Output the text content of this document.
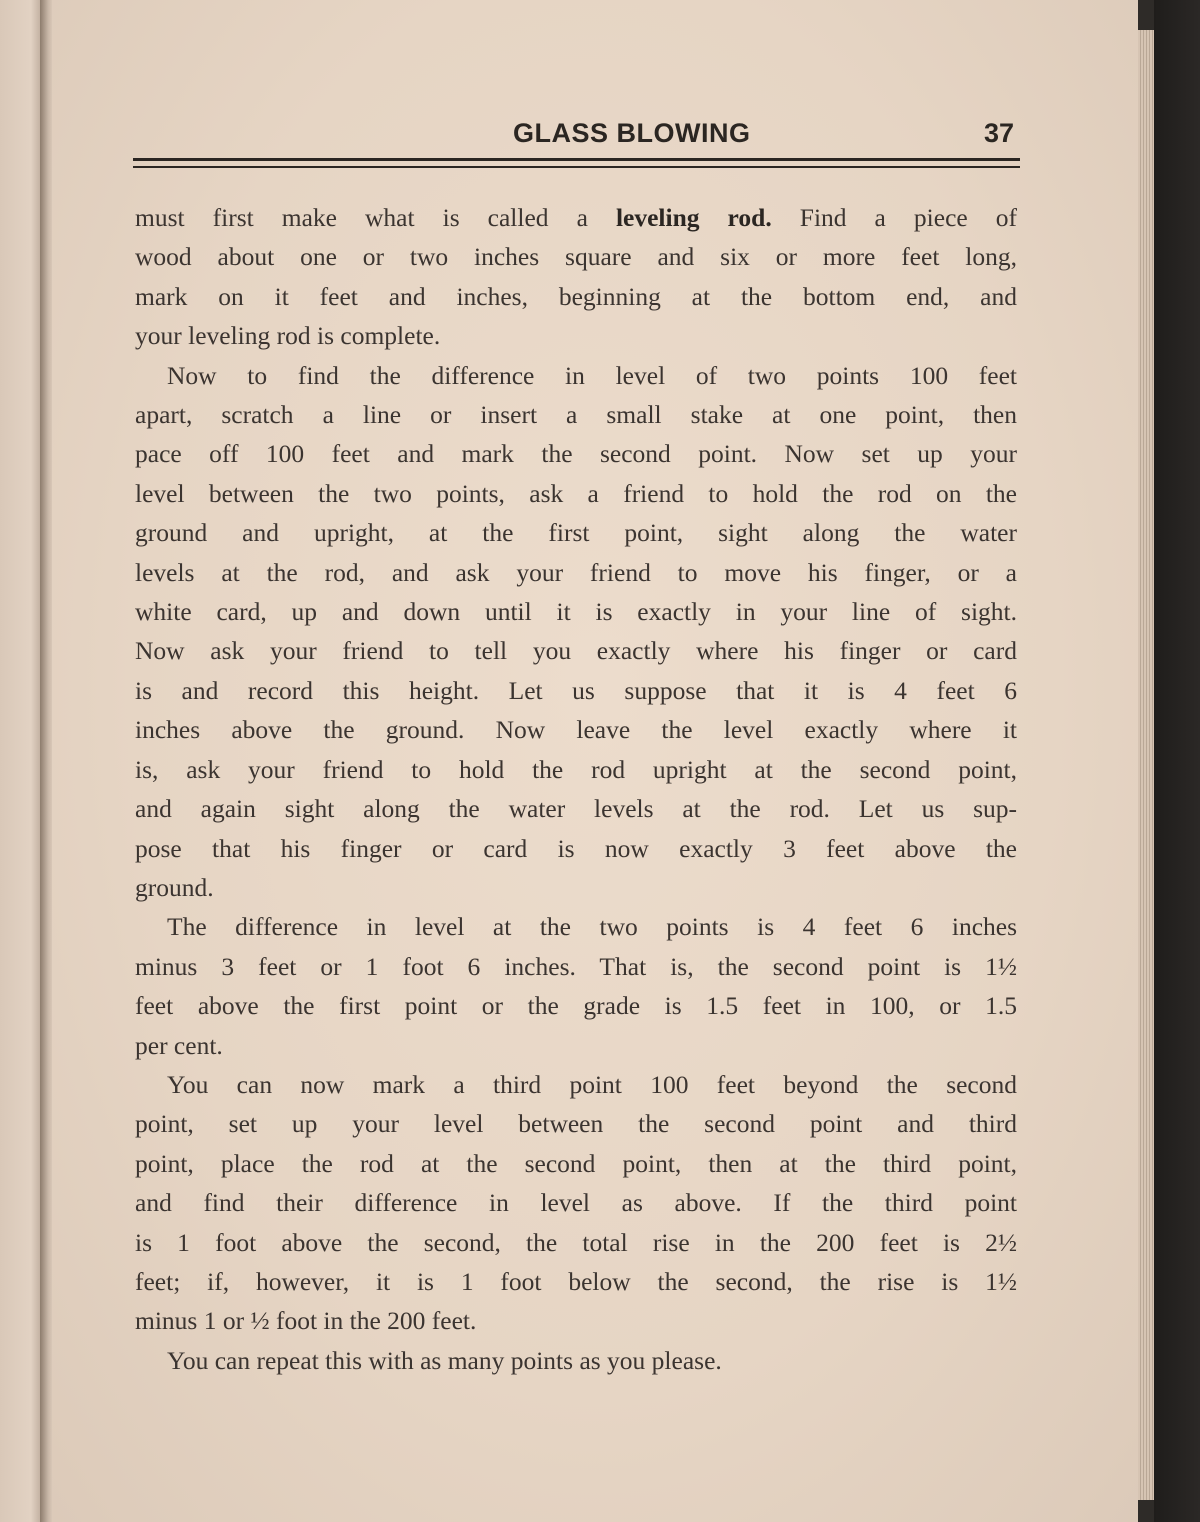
GLASS BLOWING	37
must first make what is called a leveling rod. Find a piece of
wood about one or two inches square and six or more feet long,
mark on it feet and inches, beginning at the bottom end, and
your leveling rod is complete.
Now to find the difference in level of two points 100 feet
apart, scratch a line or insert a small stake at one point, then
pace off 100 feet and mark the second point. Now set up your
level between the two points, ask a friend to hold the rod on the
ground and upright, at the first point, sight along the water
levels at the rod, and ask your friend to move his finger, or a
white card, up and down until it is exactly in your line of sight.
Now ask your friend to tell you exactly where his finger or card
is and record this height. Let us suppose that it is 4 feet 6
inches above the ground. Now leave the level exactly where it
is, ask your friend to hold the rod upright at the second point,
and again sight along the water levels at the rod. Let us sup-
pose that his finger or card is now exactly 3 feet above the
ground.
The difference in level at the two points is 4 feet 6 inches
minus 3 feet or 1 foot 6 inches. That is, the second point is 1½
feet above the first point or the grade is 1.5 feet in 100, or 1.5
per cent.
You can now mark a third point 100 feet beyond the second
point, set up your level between the second point and third
point, place the rod at the second point, then at the third point,
and find their difference in level as above. If the third point
is 1 foot above the second, the total rise in the 200 feet is 2½
feet; if, however, it is 1 foot below the second, the rise is 1½
minus 1 or ½ foot in the 200 feet.
You can repeat this with as many points as you please.
